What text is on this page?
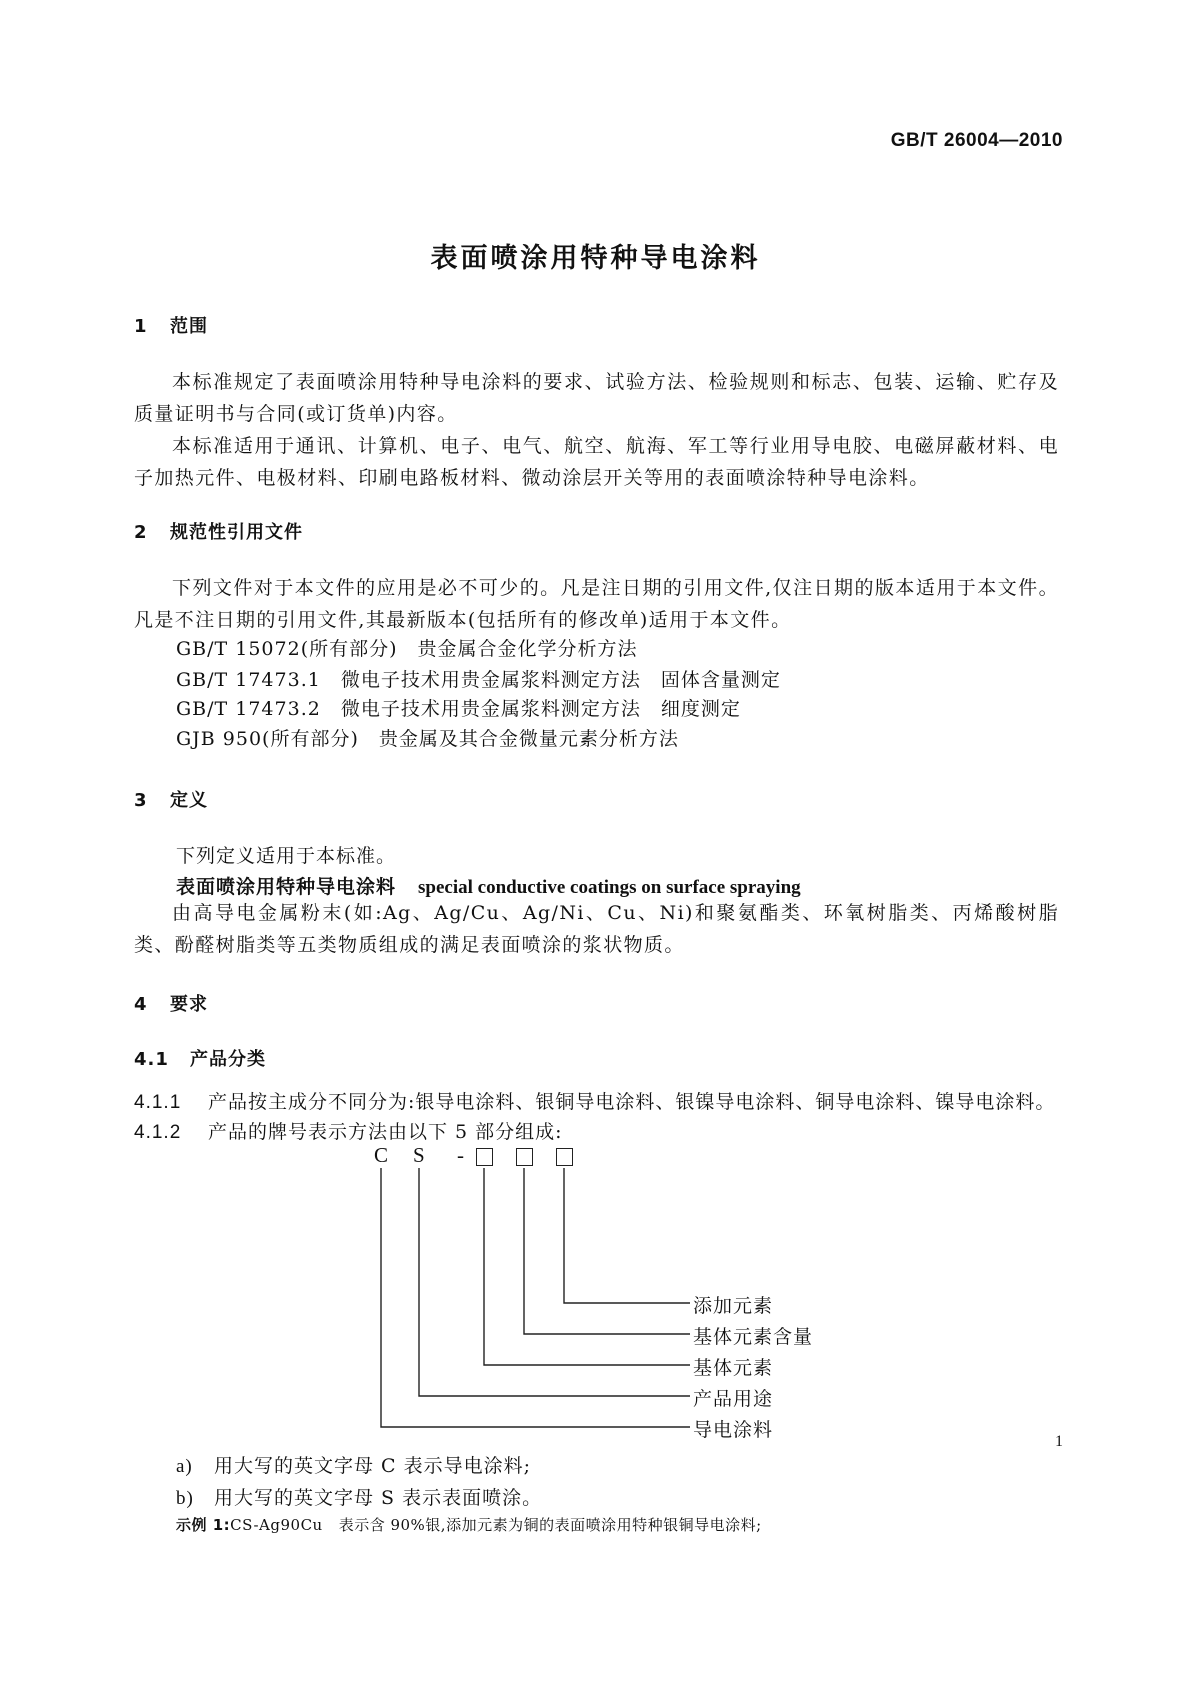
GB/T 26004—2010
表面喷涂用特种导电涂料
1 范围

本标准规定了表面喷涂用特种导电涂料的要求、试验方法、检验规则和标志、包装、运输、贮存及质量证明书与合同(或订货单)内容。

本标准适用于通讯、计算机、电子、电气、航空、航海、军工等行业用导电胶、电磁屏蔽材料、电子加热元件、电极材料、印刷电路板材料、微动涂层开关等用的表面喷涂特种导电涂料。

2 规范性引用文件

下列文件对于本文件的应用是必不可少的。凡是注日期的引用文件,仅注日期的版本适用于本文件。凡是不注日期的引用文件,其最新版本(包括所有的修改单)适用于本文件。

GB/T 15072(所有部分) 贵金属合金化学分析方法
GB/T 17473.1 微电子技术用贵金属浆料测定方法　固体含量测定
GB/T 17473.2 微电子技术用贵金属浆料测定方法　细度测定
GJB 950(所有部分) 贵金属及其合金微量元素分析方法
3 定义
下列定义适用于本标准。
表面喷涂用特种导电涂料 special conductive coatings on surface spraying

由高导电金属粉末(如:Ag、Ag/Cu、Ag/Ni、Cu、Ni)和聚氨酯类、环氧树脂类、丙烯酸树脂类、酚醛树脂类等五类物质组成的满足表面喷涂的浆状物质。

4 要求
4.1 产品分类
4.1.1 产品按主成分不同分为:银导电涂料、银铜导电涂料、银镍导电涂料、铜导电涂料、镍导电涂料。
4.1.2 产品的牌号表示方法由以下 5 部分组成:
C S -
添加元素
基体元素含量
基体元素
产品用途
导电涂料
a) 用大写的英文字母 C 表示导电涂料;
b) 用大写的英文字母 S 表示表面喷涂。
示例 1:CS-Ag90Cu 表示含 90%银,添加元素为铜的表面喷涂用特种银铜导电涂料;
1
